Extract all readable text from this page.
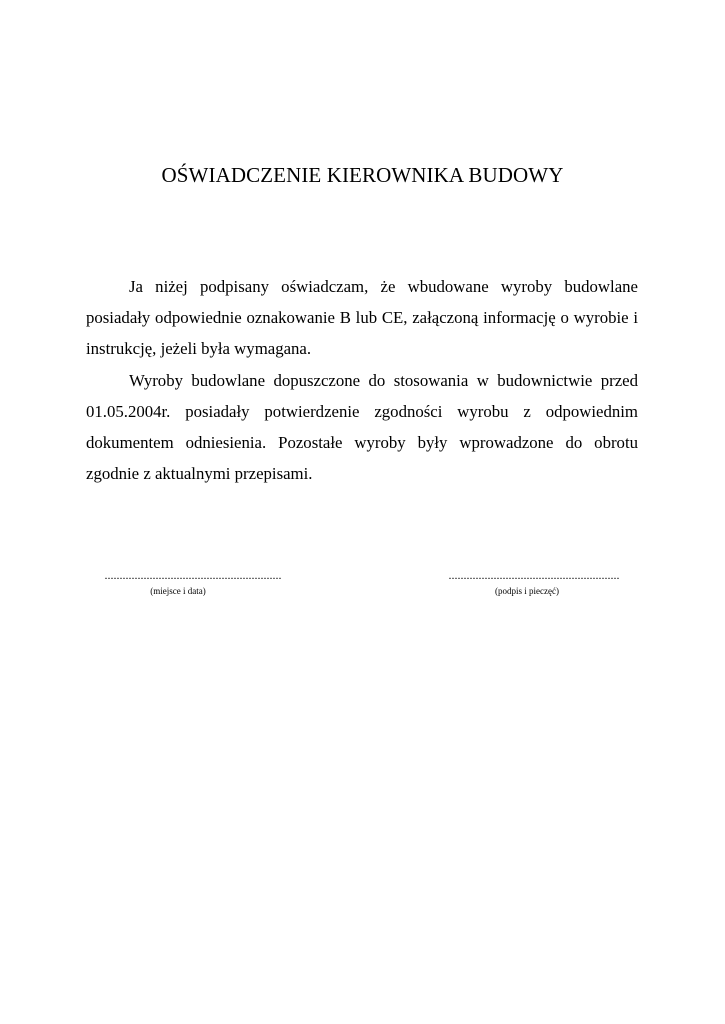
OŚWIADCZENIE KIEROWNIKA BUDOWY

Ja niżej podpisany oświadczam, że wbudowane wyroby budowlane posiadały odpowiednie oznakowanie B lub CE, załączoną informację o wyrobie i instrukcję, jeżeli była wymagana.

Wyroby budowlane dopuszczone do stosowania w budownictwie przed 01.05.2004r. posiadały potwierdzenie zgodności wyrobu z odpowiednim dokumentem odniesienia. Pozostałe wyroby były wprowadzone do obrotu zgodnie z aktualnymi przepisami.

...........................................................
(miejsce i data)
.........................................................
(podpis i pieczęć)
